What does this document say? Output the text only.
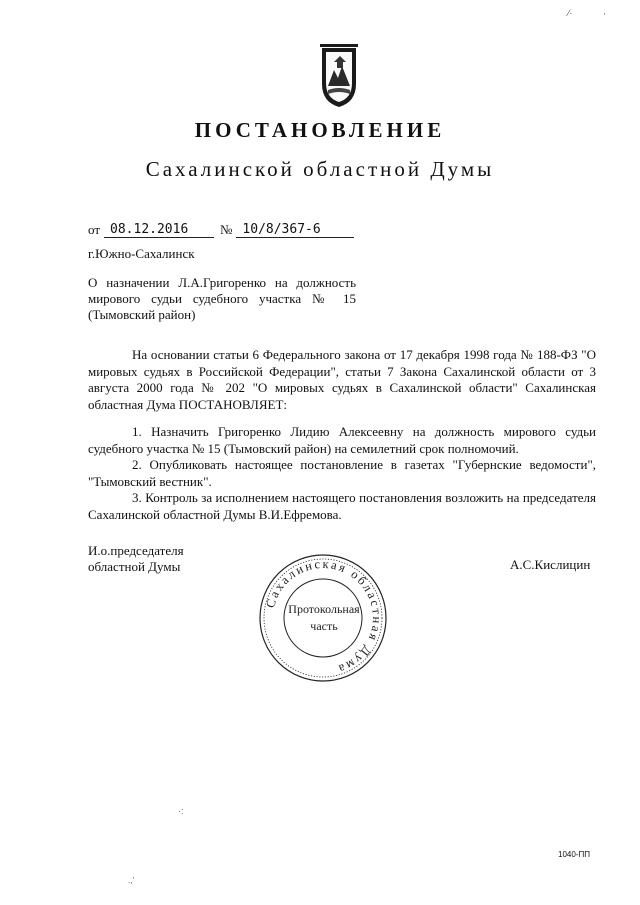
ПОСТАНОВЛЕНИЕ
Сахалинской областной Думы
от 08.12.2016	№ 10/8/367-6
г.Южно-Сахалинск
О назначении Л.А.Григоренко на должность
мирового судьи судебного участка № 15
(Тымовский район)

На основании статьи 6 Федерального закона от 17 декабря 1998 года № 188-ФЗ "О мировых судьях в Российской Федерации", статьи 7 Закона Сахалинской области от 3 августа 2000 года № 202 "О мировых судьях в Сахалинской области" Сахалинская областная Дума ПОСТАНОВЛЯЕТ:

1. Назначить Григоренко Лидию Алексеевну на должность мирового судьи судебного участка № 15 (Тымовский район) на семилетний срок полномочий.

2. Опубликовать настоящее постановление в газетах "Губернские ведомости", "Тымовский вестник".

3. Контроль за исполнением настоящего постановления возложить на председателя Сахалинской областной Думы В.И.Ефремова.

И.о.председателя
областной Думы	А.С.Кислицин
Сахалинская областная Дума
Протокольная
часть
1040-ПП
⁄·	'
·:
.,'
